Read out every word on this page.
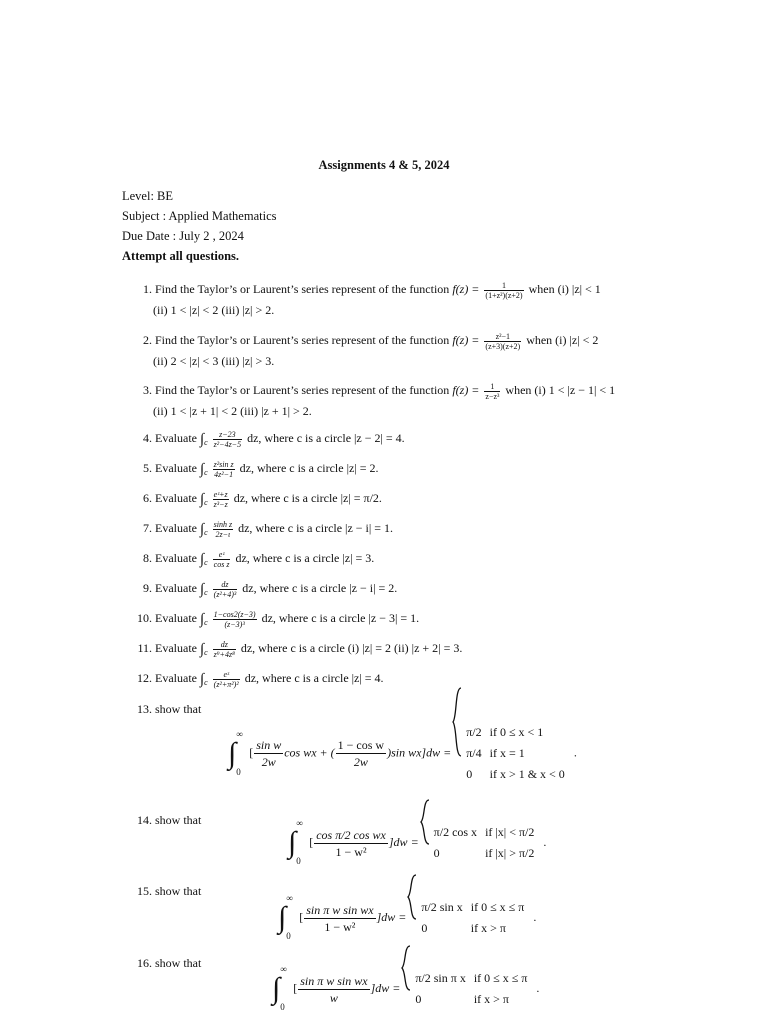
Assignments 4 & 5, 2024
Level: BE
Subject : Applied Mathematics
Due Date : July 2 , 2024
Attempt all questions.
1. Find the Taylor’s or Laurent’s series represent of the function $f(z) = \frac{1}{\text{(1+z²)(z+2)}}$ when (i) |z| < 1
(ii) 1 < |z| < 2 (iii) |z| > 2.
2. Find the Taylor’s or Laurent’s series represent of the function $f(z) = \frac{\text{z²−1}}{(z+3)(z+2)}$ when (i) |z| < 2
(ii) 2 < |z| < 3 (iii) |z| > 3.
3. Find the Taylor’s or Laurent’s series represent of the function $f(z) = \frac{1}{\text{z−z³}}$ when (i) 1 < |z − 1| < 1
(ii) 1 < |z + 1| < 2 (iii) |z + 1| > 2.
4. Evaluate $\int_c \frac{z-23}{\text{z²−4z−5}}$ dz, where c is a circle |z − 2| = 4.
5. Evaluate $\int_c \frac{\text{z²sin z}}{\text{4z²−1}}$ dz, where c is a circle |z| = 2.
6. Evaluate $\int_c \frac{\text{eᶻ+z}}{\text{z³−z}}$ dz, where c is a circle |z| = π/2.
7. Evaluate $\int_c \frac{\text{sinh z}}{2z-\iota}$ dz, where c is a circle |z − i| = 1.
8. Evaluate $\int_c \frac{\text{eᶻ}}{\text{cos z}}$ dz, where c is a circle |z| = 3.
9. Evaluate $\int_c \frac{dz}{\text{(z²+4)³}}$ dz, where c is a circle |z − i| = 2.
10. Evaluate $\int_c \frac{1-\cos 2(z-3)}{\text{(z−3)³}}$ dz, where c is a circle |z − 3| = 1.
11. Evaluate $\int_c \frac{dz}{\text{z⁹+4z⁸}}$ dz, where c is a circle (i) |z| = 2 (ii) |z + 2| = 3.
12. Evaluate $\int_c \frac{\text{eᶻ}}{\text{(z²+π²)²}}$ dz, where c is a circle |z| = 4.
13. show that
∫
∞
0
[ $\frac{\text{sin w}}{2w}$ cos wx + ( $\frac{\text{1 − cos w}}{2w} )\sin$ wx]dw =
π/2	if 0 ≤ x < 1
π/4	if x = 1
0	if x > 1 & x < 0
.
14. show that
∫
∞
0
[ $\frac{\text{cos π/2 cos wx}}{\text{1 − w²}} ]dw$ =
π/2 cos x	if |x| < π/2
0	if |x| > π/2
.
15. show that
∫
∞
0
[ $\frac{\text{sin π w sin wx}}{\text{1 − w²}} ]dw$ =
π/2 sin x	if 0 ≤ x ≤ π
0	if x > π
.
16. show that
∫
∞
0
[ $\frac{\text{sin π w sin wx}}{w} ]dw$ =
π/2 sin π x	if 0 ≤ x ≤ π
0	if x > π
.
